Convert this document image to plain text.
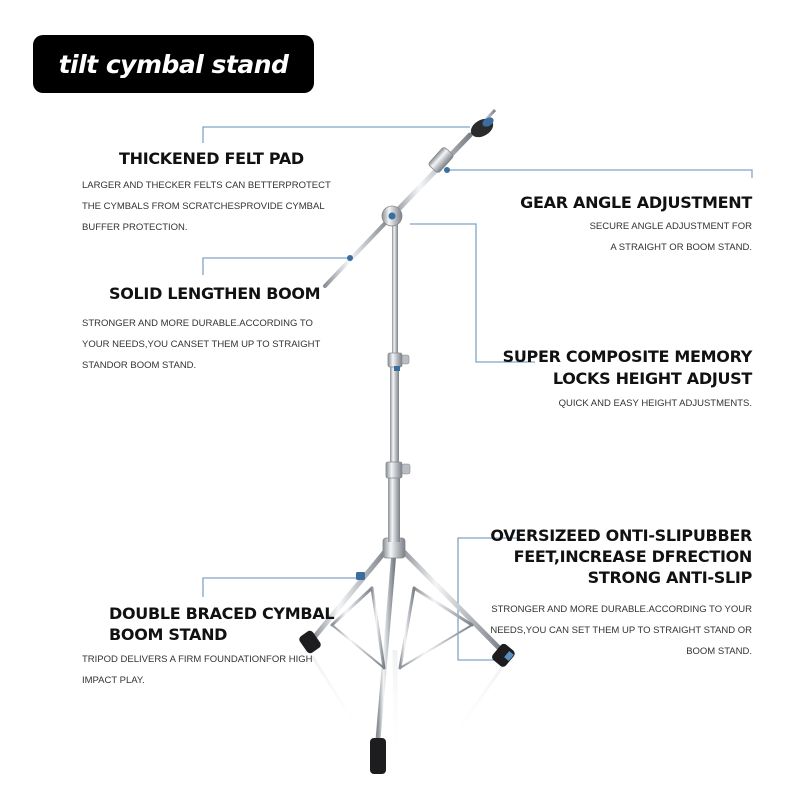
tilt cymbal stand
THICKENED FELT PAD

LARGER AND THECKER FELTS CAN BETTERPROTECT

THE CYMBALS FROM SCRATCHESPROVIDE CYMBAL

BUFFER PROTECTION.

SOLID LENGTHEN BOOM

STRONGER AND MORE DURABLE.ACCORDING TO

YOUR NEEDS,YOU CANSET THEM UP TO STRAIGHT

STANDOR BOOM STAND.

DOUBLE BRACED CYMBAL
BOOM STAND

TRIPOD DELIVERS A FIRM FOUNDATIONFOR HIGH

IMPACT PLAY.

GEAR ANGLE ADJUSTMENT

SECURE ANGLE ADJUSTMENT FOR

A STRAIGHT OR BOOM STAND.

SUPER COMPOSITE MEMORY
LOCKS HEIGHT ADJUST

QUICK AND EASY HEIGHT ADJUSTMENTS.

OVERSIZEED ONTI-SLIPUBBER
FEET,INCREASE DFRECTION
STRONG ANTI-SLIP

STRONGER AND MORE DURABLE.ACCORDING TO YOUR

NEEDS,YOU CAN SET THEM UP TO STRAIGHT STAND OR

BOOM STAND.
